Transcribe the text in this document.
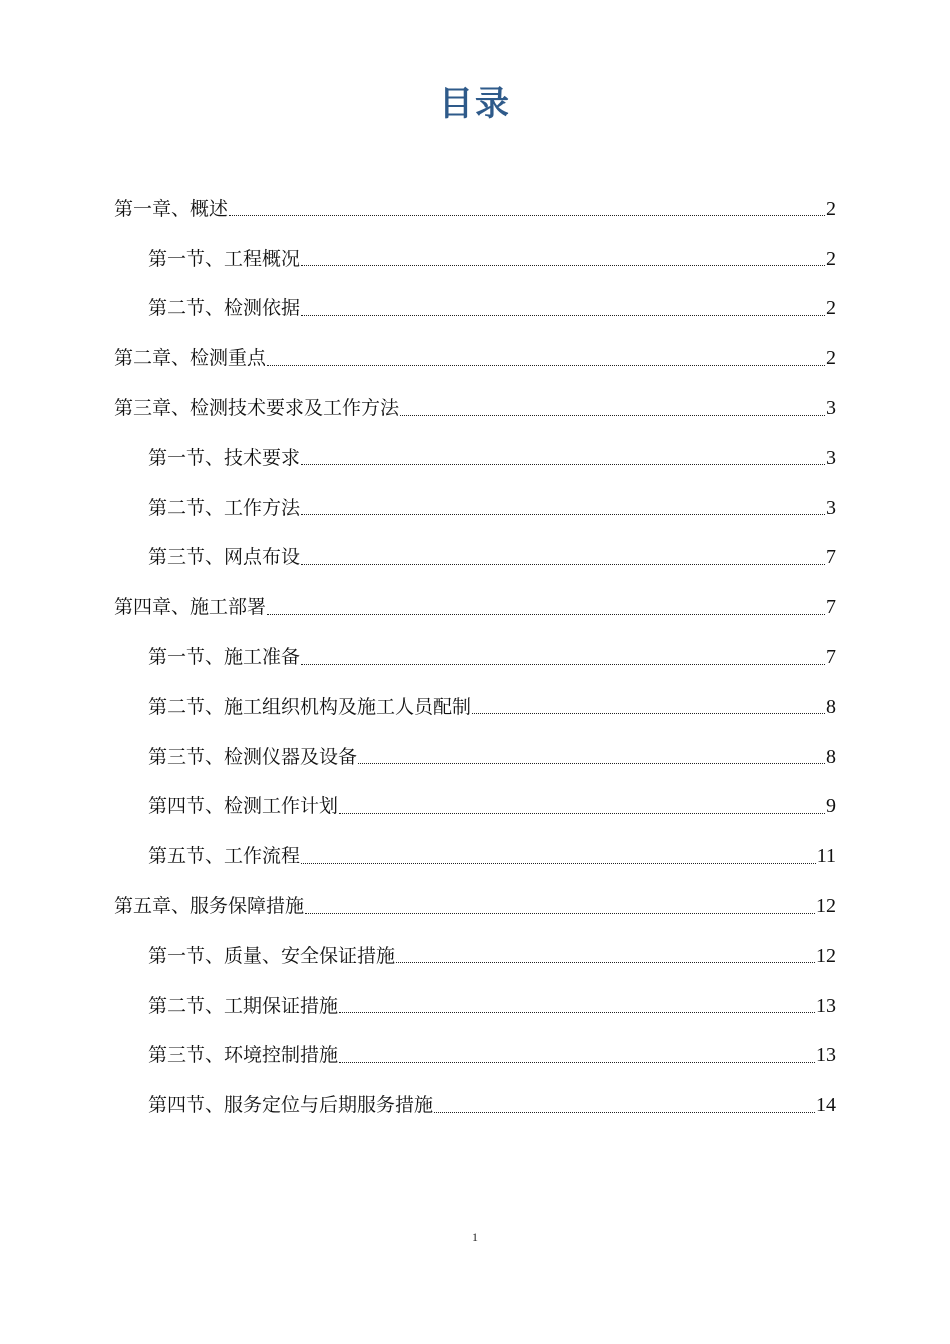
目录
第一章、概述	2
第一节、工程概况	2
第二节、检测依据	2
第二章、检测重点	2
第三章、检测技术要求及工作方法	3
第一节、技术要求	3
第二节、工作方法	3
第三节、网点布设	7
第四章、施工部署	7
第一节、施工准备	7
第二节、施工组织机构及施工人员配制	8
第三节、检测仪器及设备	8
第四节、检测工作计划	9
第五节、工作流程	11
第五章、服务保障措施	12
第一节、质量、安全保证措施	12
第二节、工期保证措施	13
第三节、环境控制措施	13
第四节、服务定位与后期服务措施	14
1
